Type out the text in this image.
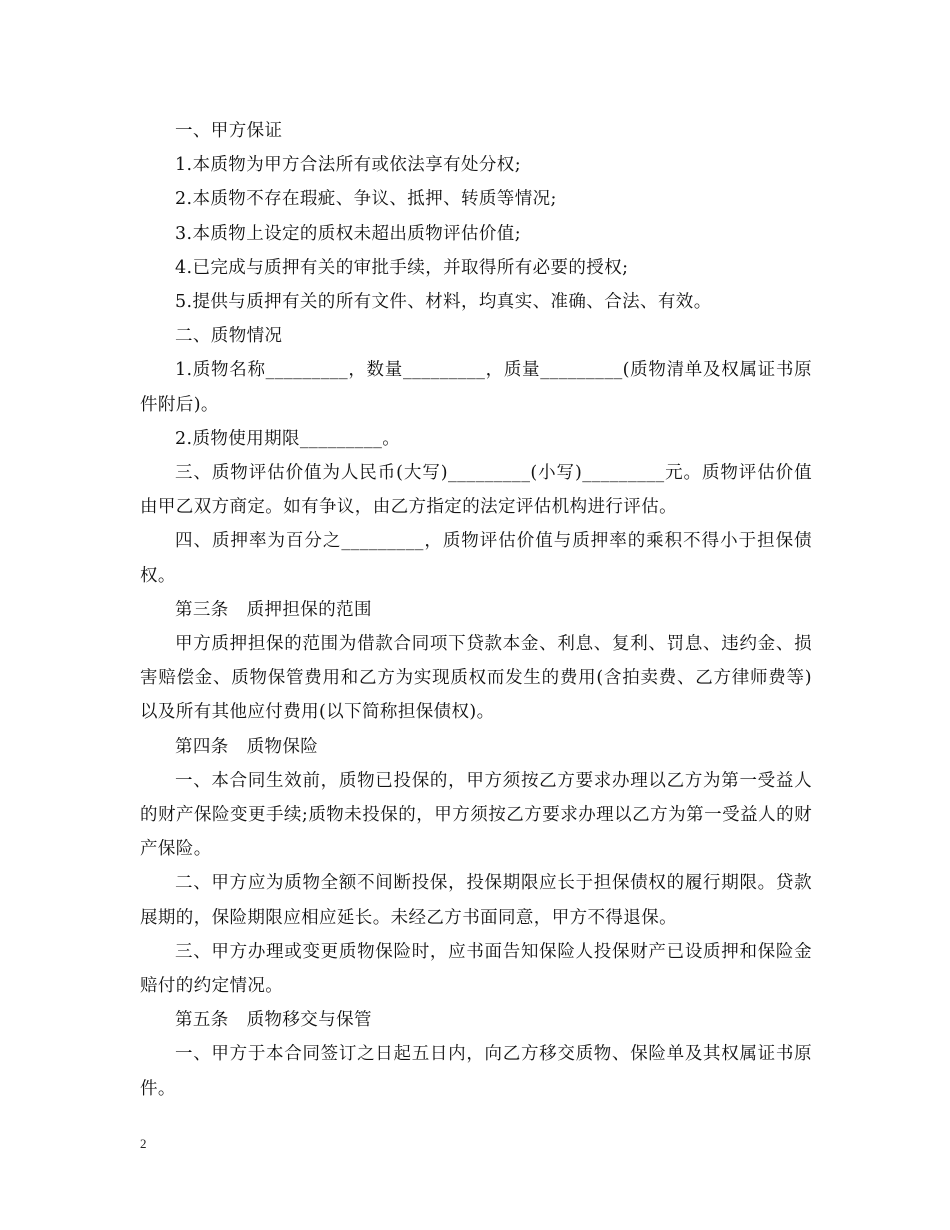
一、甲方保证

1.本质物为甲方合法所有或依法享有处分权;

2.本质物不存在瑕疵、争议、抵押、转质等情况;

3.本质物上设定的质权未超出质物评估价值;

4.已完成与质押有关的审批手续，并取得所有必要的授权;

5.提供与质押有关的所有文件、材料，均真实、准确、合法、有效。

二、质物情况

1.质物名称_________，数量_________，质量_________(质物清单及权属证书原件附后)。

2.质物使用期限_________。

三、质物评估价值为人民币(大写)_________(小写)_________元。质物评估价值由甲乙双方商定。如有争议，由乙方指定的法定评估机构进行评估。

四、质押率为百分之_________，质物评估价值与质押率的乘积不得小于担保债权。

第三条　质押担保的范围

甲方质押担保的范围为借款合同项下贷款本金、利息、复利、罚息、违约金、损害赔偿金、质物保管费用和乙方为实现质权而发生的费用(含拍卖费、乙方律师费等)以及所有其他应付费用(以下简称担保债权)。

第四条　质物保险

一、本合同生效前，质物已投保的，甲方须按乙方要求办理以乙方为第一受益人的财产保险变更手续;质物未投保的，甲方须按乙方要求办理以乙方为第一受益人的财产保险。

二、甲方应为质物全额不间断投保，投保期限应长于担保债权的履行期限。贷款展期的，保险期限应相应延长。未经乙方书面同意，甲方不得退保。

三、甲方办理或变更质物保险时，应书面告知保险人投保财产已设质押和保险金赔付的约定情况。

第五条　质物移交与保管

一、甲方于本合同签订之日起五日内，向乙方移交质物、保险单及其权属证书原件。

2
